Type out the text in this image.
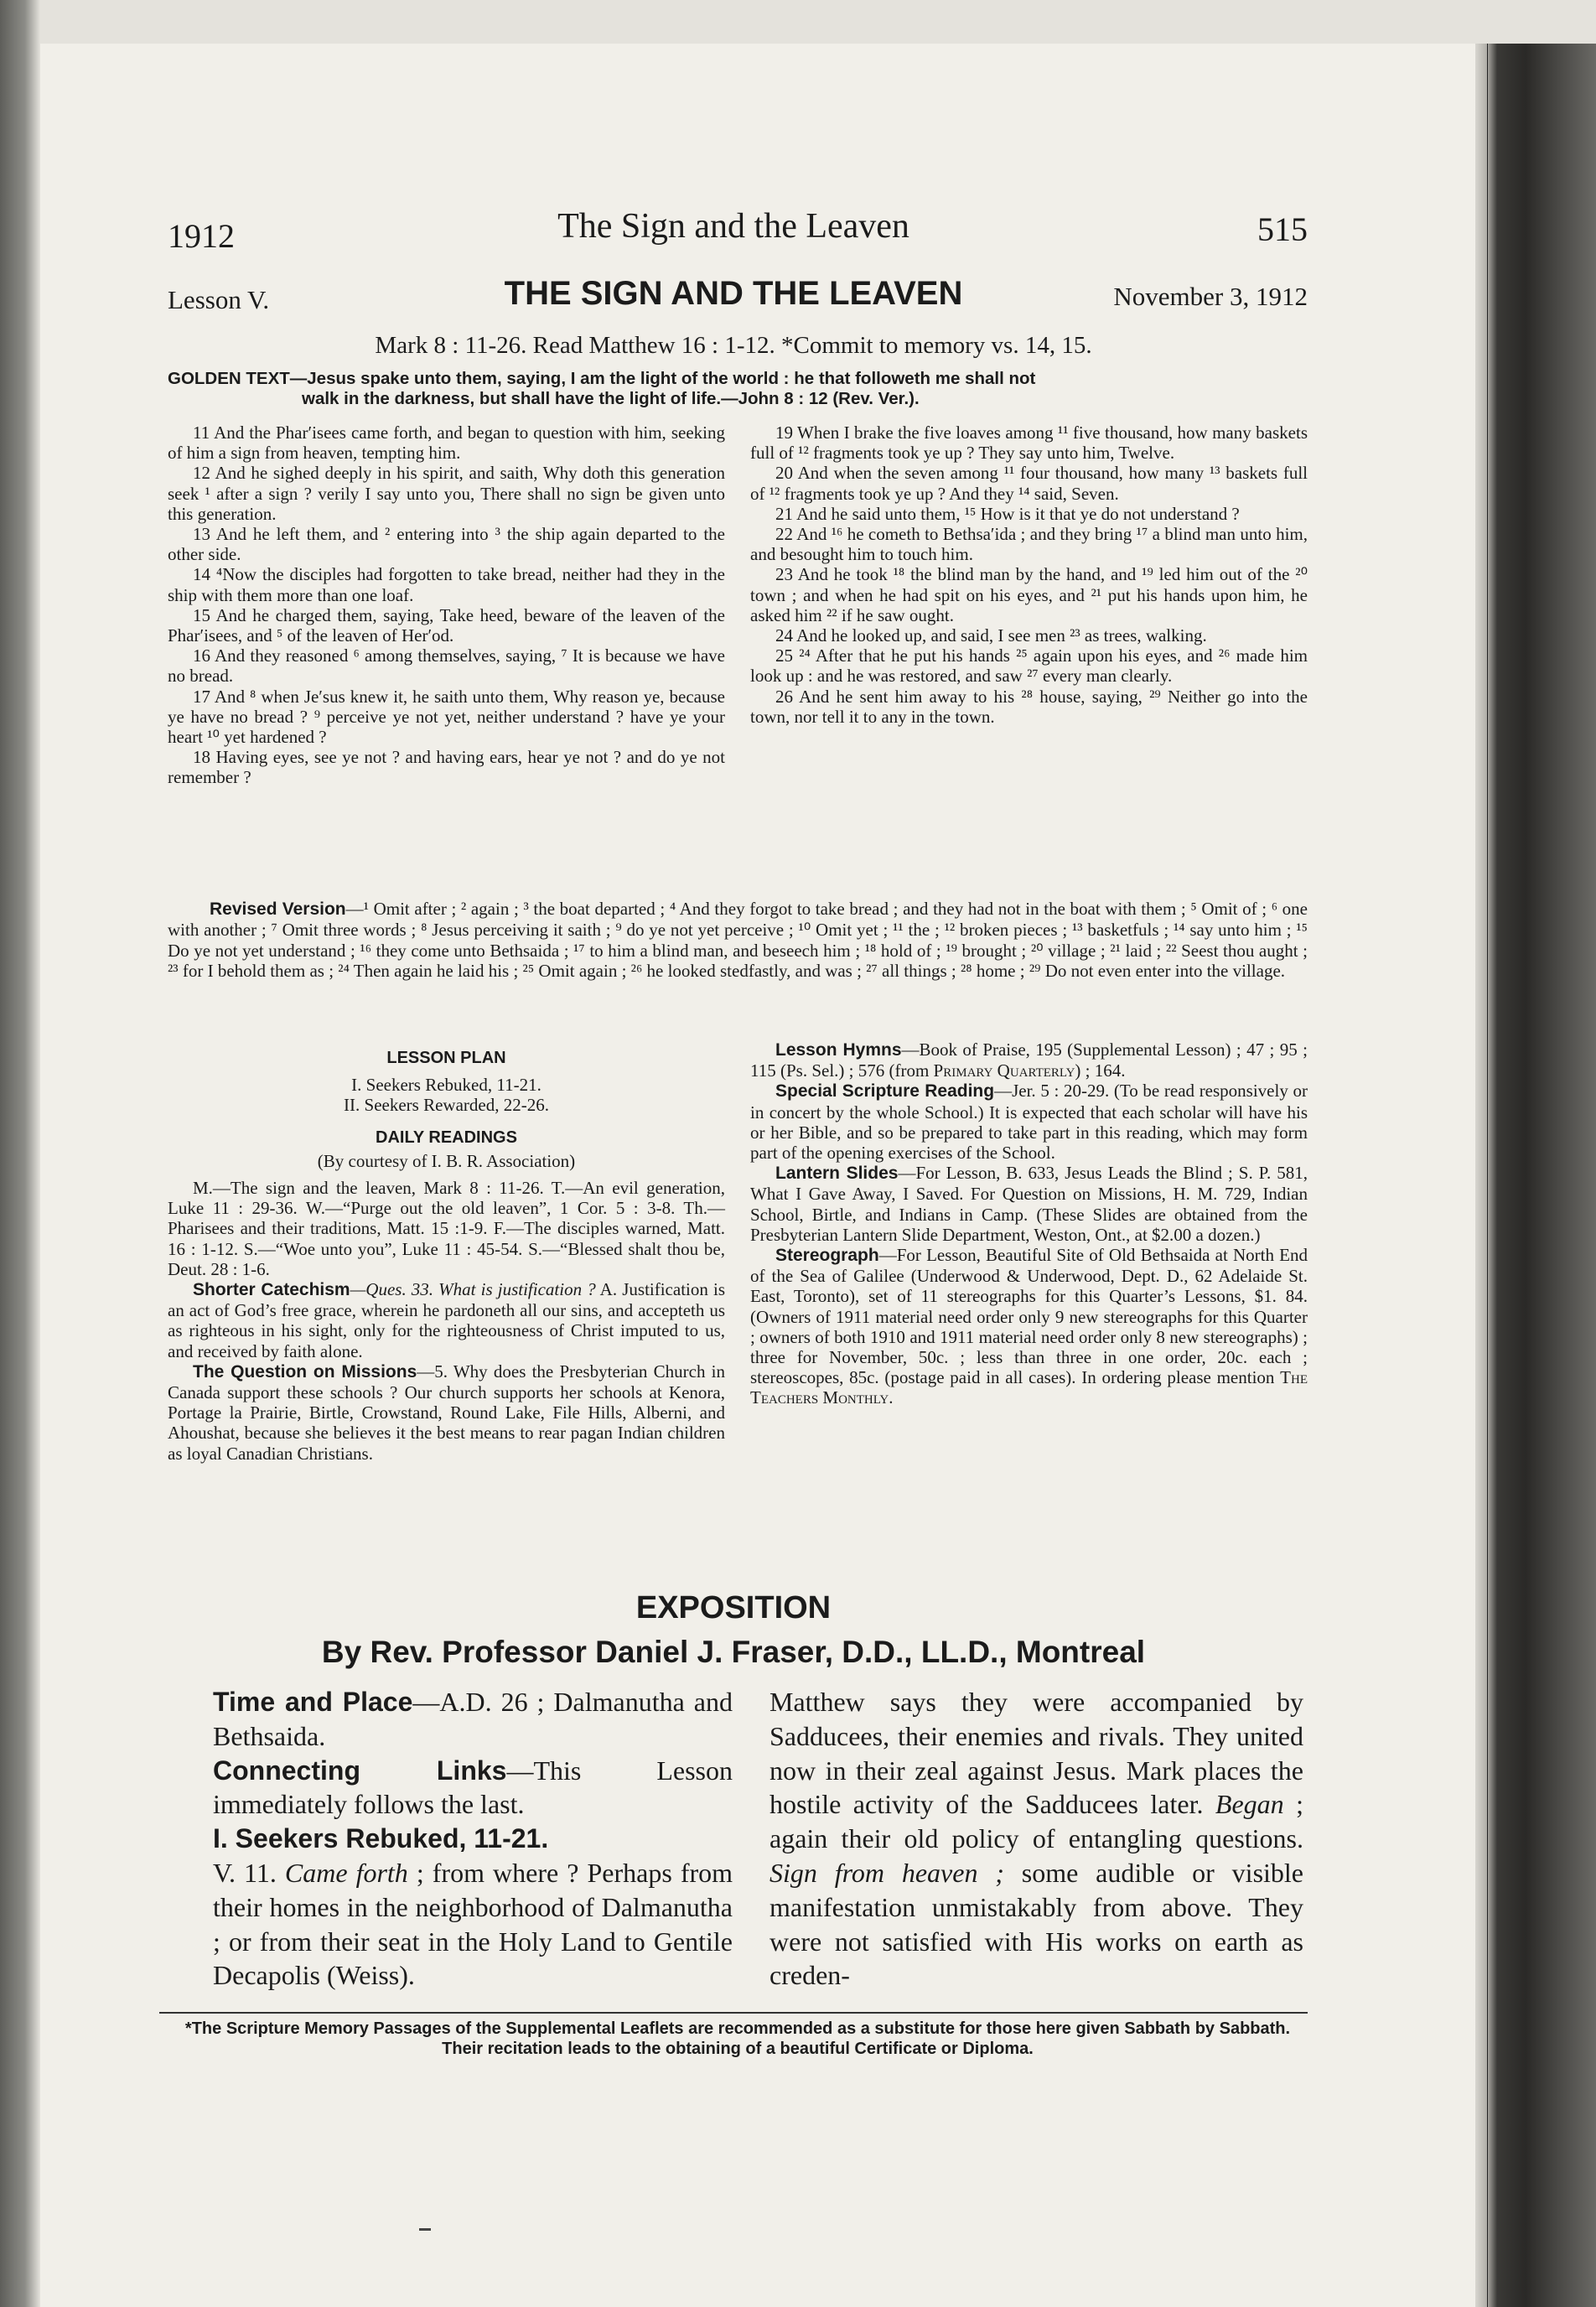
1912	The Sign and the Leaven	515
Lesson V.	THE SIGN AND THE LEAVEN	November 3, 1912
Mark 8 : 11-26. Read Matthew 16 : 1-12. *Commit to memory vs. 14, 15.

GOLDEN TEXT—Jesus spake unto them, saying, I am the light of the world : he that followeth me shall not

walk in the darkness, but shall have the light of life.—John 8 : 12 (Rev. Ver.).

11 And the Phar′isees came forth, and began to question with him, seeking of him a sign from heaven, tempting him.

12 And he sighed deeply in his spirit, and saith, Why doth this generation seek ¹ after a sign ? verily I say unto you, There shall no sign be given unto this generation.

13 And he left them, and ² entering into ³ the ship again departed to the other side.

14 ⁴Now the disciples had forgotten to take bread, neither had they in the ship with them more than one loaf.

15 And he charged them, saying, Take heed, beware of the leaven of the Phar′isees, and ⁵ of the leaven of Her′od.

16 And they reasoned ⁶ among themselves, saying, ⁷ It is because we have no bread.

17 And ⁸ when Je′sus knew it, he saith unto them, Why reason ye, because ye have no bread ? ⁹ perceive ye not yet, neither understand ? have ye your heart ¹⁰ yet hardened ?

18 Having eyes, see ye not ? and having ears, hear ye not ? and do ye not remember ?

19 When I brake the five loaves among ¹¹ five thousand, how many baskets full of ¹² fragments took ye up ? They say unto him, Twelve.

20 And when the seven among ¹¹ four thousand, how many ¹³ baskets full of ¹² fragments took ye up ? And they ¹⁴ said, Seven.

21 And he said unto them, ¹⁵ How is it that ye do not understand ?

22 And ¹⁶ he cometh to Bethsa′ida ; and they bring ¹⁷ a blind man unto him, and besought him to touch him.

23 And he took ¹⁸ the blind man by the hand, and ¹⁹ led him out of the ²⁰ town ; and when he had spit on his eyes, and ²¹ put his hands upon him, he asked him ²² if he saw ought.

24 And he looked up, and said, I see men ²³ as trees, walking.

25 ²⁴ After that he put his hands ²⁵ again upon his eyes, and ²⁶ made him look up : and he was restored, and saw ²⁷ every man clearly.

26 And he sent him away to his ²⁸ house, saying, ²⁹ Neither go into the town, nor tell it to any in the town.

Revised Version—¹ Omit after ; ² again ; ³ the boat departed ; ⁴ And they forgot to take bread ; and they had not in the boat with them ; ⁵ Omit of ; ⁶ one with another ; ⁷ Omit three words ; ⁸ Jesus perceiving it saith ; ⁹ do ye not yet perceive ; ¹⁰ Omit yet ; ¹¹ the ; ¹² broken pieces ; ¹³ basketfuls ; ¹⁴ say unto him ; ¹⁵ Do ye not yet understand ; ¹⁶ they come unto Bethsaida ; ¹⁷ to him a blind man, and beseech him ; ¹⁸ hold of ; ¹⁹ brought ; ²⁰ village ; ²¹ laid ; ²² Seest thou aught ; ²³ for I behold them as ; ²⁴ Then again he laid his ; ²⁵ Omit again ; ²⁶ he looked stedfastly, and was ; ²⁷ all things ; ²⁸ home ; ²⁹ Do not even enter into the village.

LESSON PLAN

I. Seekers Rebuked, 11-21.

II. Seekers Rewarded, 22-26.

DAILY READINGS

(By courtesy of I. B. R. Association)

M.—The sign and the leaven, Mark 8 : 11-26. T.—An evil generation, Luke 11 : 29-36. W.—“Purge out the old leaven”, 1 Cor. 5 : 3-8. Th.—Pharisees and their traditions, Matt. 15 :1-9. F.—The disciples warned, Matt. 16 : 1-12. S.—“Woe unto you”, Luke 11 : 45-54. S.—“Blessed shalt thou be, Deut. 28 : 1-6.

Shorter Catechism—Ques. 33. What is justification ? A. Justification is an act of God’s free grace, wherein he pardoneth all our sins, and accepteth us as righteous in his sight, only for the righteousness of Christ imputed to us, and received by faith alone.

The Question on Missions—5. Why does the Presbyterian Church in Canada support these schools ? Our church supports her schools at Kenora, Portage la Prairie, Birtle, Crowstand, Round Lake, File Hills, Alberni, and Ahoushat, because she believes it the best means to rear pagan Indian children as loyal Canadian Christians.

Lesson Hymns—Book of Praise, 195 (Supplemental Lesson) ; 47 ; 95 ; 115 (Ps. Sel.) ; 576 (from Primary Quarterly) ; 164.

Special Scripture Reading—Jer. 5 : 20-29. (To be read responsively or in concert by the whole School.) It is expected that each scholar will have his or her Bible, and so be prepared to take part in this reading, which may form part of the opening exercises of the School.

Lantern Slides—For Lesson, B. 633, Jesus Leads the Blind ; S. P. 581, What I Gave Away, I Saved. For Question on Missions, H. M. 729, Indian School, Birtle, and Indians in Camp. (These Slides are obtained from the Presbyterian Lantern Slide Department, Weston, Ont., at $2.00 a dozen.)

Stereograph—For Lesson, Beautiful Site of Old Bethsaida at North End of the Sea of Galilee (Underwood & Underwood, Dept. D., 62 Adelaide St. East, Toronto), set of 11 stereographs for this Quarter’s Lessons, $1. 84. (Owners of 1911 material need order only 9 new stereographs for this Quarter ; owners of both 1910 and 1911 material need order only 8 new stereographs) ; three for November, 50c. ; less than three in one order, 20c. each ; stereoscopes, 85c. (postage paid in all cases). In ordering please mention The Teachers Monthly.

EXPOSITION
By Rev. Professor Daniel J. Fraser, D.D., LL.D., Montreal

Time and Place—A.D. 26 ; Dalmanutha and Bethsaida.

Connecting Links—This Lesson immediately follows the last.

I. Seekers Rebuked, 11-21.

V. 11. Came forth ; from where ? Perhaps from their homes in the neighborhood of Dalmanutha ; or from their seat in the Holy Land to Gentile Decapolis (Weiss).

Matthew says they were accompanied by Sadducees, their enemies and rivals. They united now in their zeal against Jesus. Mark places the hostile activity of the Sadducees later. Began ; again their old policy of entangling questions. Sign from heaven ; some audible or visible manifestation unmistakably from above. They were not satisfied with His works on earth as creden-

*The Scripture Memory Passages of the Supplemental Leaflets are recommended as a substitute for those here given Sabbath by Sabbath. Their recitation leads to the obtaining of a beautiful Certificate or Diploma.
